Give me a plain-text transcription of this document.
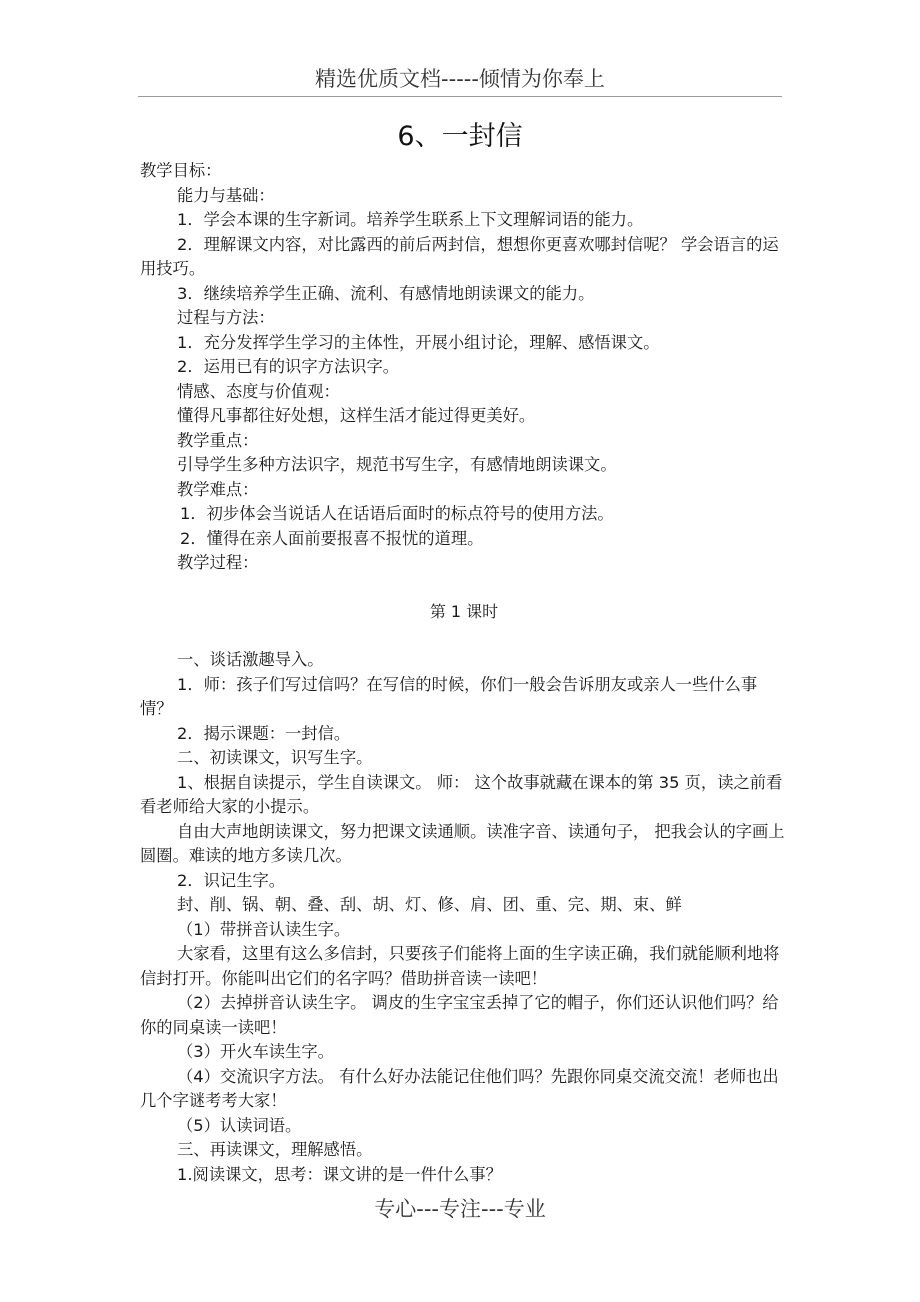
精选优质文档-----倾情为你奉上
6、一封信

教学目标：

能力与基础：

1．学会本课的生字新词。培养学生联系上下文理解词语的能力。

2．理解课文内容，对比露西的前后两封信，想想你更喜欢哪封信呢？ 学会语言的运用技巧。

3．继续培养学生正确、流利、有感情地朗读课文的能力。

过程与方法：

1．充分发挥学生学习的主体性，开展小组讨论，理解、感悟课文。

2．运用已有的识字方法识字。

情感、态度与价值观：

懂得凡事都往好处想，这样生活才能过得更美好。

教学重点：

引导学生多种方法识字，规范书写生字，有感情地朗读课文。

教学难点：

1．初步体会当说话人在话语后面时的标点符号的使用方法。

2．懂得在亲人面前要报喜不报忧的道理。

教学过程：

第 1 课时

一、谈话激趣导入。

1．师：孩子们写过信吗？在写信的时候，你们一般会告诉朋友或亲人一些什么事情？

2．揭示课题：一封信。

二、初读课文，识写生字。

1、根据自读提示，学生自读课文。 师： 这个故事就藏在课本的第 35 页，读之前看看老师给大家的小提示。

自由大声地朗读课文，努力把课文读通顺。读准字音、读通句子， 把我会认的字画上圆圈。难读的地方多读几次。

2．识记生字。

封、削、锅、朝、叠、刮、胡、灯、修、肩、团、重、完、期、束、鲜

（1）带拼音认读生字。

大家看，这里有这么多信封，只要孩子们能将上面的生字读正确，我们就能顺利地将信封打开。你能叫出它们的名字吗？借助拼音读一读吧！

（2）去掉拼音认读生字。 调皮的生字宝宝丢掉了它的帽子，你们还认识他们吗？给你的同桌读一读吧！

（3）开火车读生字。

（4）交流识字方法。 有什么好办法能记住他们吗？先跟你同桌交流交流！老师也出几个字谜考考大家！

（5）认读词语。

三、再读课文，理解感悟。

1.阅读课文，思考：课文讲的是一件什么事？

专心---专注---专业
